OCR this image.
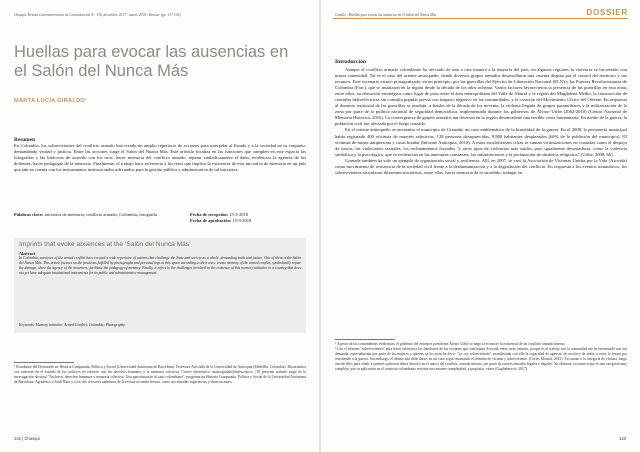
Chasqui. Revista Latinoamericana de Comunicación N.º 136, diciembre 2017 - marzo 2018 / Dossier (pp. 137-156)
Huellas para evocar las ausencias en el Salón del Nunca Más
MARTA LUCÍA GIRALDO¹
Resumen
En Colombia, los sobrevivientes del conflicto armado han creado un amplio repertorio de acciones para interpelar al Estado y a la sociedad en su conjunto, demandando verdad y justicia. Entre las acciones surge el Salón del Nunca Más. Este artículo focaliza en las funciones que cumplen en este espacio las fotografías y las bitácoras de acuerdo con los usos: hacer memoria del conflicto armado, reparar simbólicamente el daño, evidenciar la agencia de los dolientes, hacer pedagogía de la memoria. Finalmente, el trabajo hace referencia a los retos que implica la existencia de esta iniciativa de memoria en un país que aún no cuenta con los instrumentos institucionales adecuados para la gestión pública y administrativa de tal iniciativa.
Palabras clave: iniciativa de memoria; conflicto armado; Colombia; fotografía.	Fecha de recepción: 15-3-2018
Fecha de aprobación: 15-9-2018
Imprints that evoke absences at the ‘Salón del Nunca Más’
Abstract
In Colombia, survivors of the armed conflict have created a wide repertoire of actions that challenge the State and society as a whole, demanding truth and justice. One of them is the Salón del Nunca Más. This article focuses on the functions fulfilled by photographs and personal logs in this space according to their uses: create memory of the armed conflict, symbolically repair the damage, show the agency of the mourners, facilitate the pedagogy of memory. Finally, it refers to the challenges involved in the existence of this memory initiative in a country that does not yet have adequate institutional instruments for its public and administrative management.
Keywords: Memory initiative; Armed Conflict; Colombia; Photography.
¹ Estudiante del Doctorado en Historia Comparada, Política y Social (Universidad Autónoma de Barcelona). Profesora Asociada de la Universidad de Antioquia (Medellín, Colombia). Historiadora con intereses en el estudio de los archivos en relación con los derechos humanos y la memoria colectiva. Correo electrónico: marta.giraldo@udea.edu.co | El presente artículo surge de la investigación doctoral "Archivos, derechos humanos y memoria colectiva. Una aproximación al caso colombiano", programa en Historia Comparada, Política y Social de la Universidad Autónoma de Barcelona. Agradezco a Jordi Ibarz y a los dos revisores anónimos de la revista su atenta lectura, como sus atinadas sugerencias y observaciones.
142 | Chasqui
Giraldo / Huellas para evocar las ausencias en el Salón del Nunca Más	DOSSIER
Introducción

Aunque el conflicto armado colombiano ha afectado de una u otra manera a la mayoría del país, en algunos regiones la violencia se ha sentido con mayor intensidad. Tal es el caso del oriente antioqueño, donde diversos grupos armados desarrollaron una cruenta disputa por el control del territorio y sus recursos. Este escenario estuvo protagonizado, en un principio, por las guerrillas del Ejército de Liberación Nacional (ELN) y las Fuerzas Revolucionarias de Colombia (Farc), que se instalaron en la región desde la década de los años ochenta. Varios factores favorecieron la presencia de las guerrillas en esta zona, entre ellos: su ubicación estratégica como lugar de paso entre el área metropolitana del Valle de Aburrá y la región del Magdalena Medio, la construcción de centrales hidroeléctricas sin consulta popular previa con impacto negativo en las comunidades, y la creación del Movimiento Cívico del Oriente. En respuesta al dominio territorial de las guerrillas se produjo, a finales de la década de los noventa, la violenta llegada de grupos paramilitares y la militarización de la zona por parte de la política nacional de seguridad democrática, implementada durante los gobiernos de Álvaro Uribe (2002-2010) (Centro Nacional de Memoria Histórica, 2016). La convergencia de grupos armados tan diversos en la región desencadenó una terrible crisis humanitaria. En medio de la guerra, la población civil fue afectada por el fuego cruzado.

En el oriente antioqueño se encuentra el municipio de Granada, un caso emblemático de la brutalidad de la guerra. En el 2008, la personería municipal había registrado 400 víctimas de muertes selectivas, 128 personas desaparecidas, 9.800 habitantes desplazados (60% de la población del municipio), 83 víctimas de minas antipersona y casas bomba (Informe Antioquia, 2010). A estas escalofriantes cifras se suman victimizaciones no contadas como el despojo de tierras, las violaciones sexuales, los reclutamientos forzados "y otros tipos de violencias más sutiles, pero igualmente devastadoras, como la violencia simbólica y la psicológica, que se evidencian en las amenazas constantes, las intimidaciones y la profanación de símbolos religiosos" (Uribe, 2008: 66).

Granada también ha sido un ejemplo de organización social y resiliencia. Allí, en 2007, se creó la Asociación de Víctimas Unidas por la Vida (Asovida) como movimiento de resistencia de la sociedad civil frente a la deshumanización y a la degradación del conflicto. En respuesta a los eventos traumáticos, los sobrevivientes articularon diferentes iniciativas, entre ellas: hacer memoria de lo sucedido, trabajar en

¹ A pesar de los contundentes evidencias, el gobierno del entonces presidente Álvaro Uribe se negó a reconocer la existencia de un conflicto armado interno.

² Uso el término "sobrevivientes" para hacer referencia los familiares de las víctimas que conforman Asovida, entre otras razones, porque es el trabajo con la comunidad me he encontrado con esa demanda, especialmente por parte de las mujeres a quienes se les escucha decir: "yo soy sobreviviente", manifestado con ello la capacidad de agencia, de acción y de sentir a otros, lo hacen por resistiendo a la guerra. Sin embargo, el debate aún debe darse, en mi caso seguí retomando el término de víctima y sobreviviente. (Cortés Monzal, 2013). En cuanto a la categoría de víctima, luego uno de ellos para aludir a quienes sufrieron daños directos en el marco del conflicto armado interno, por parte de actores armados legales e ilegales. No obstante, reconozco que es una categoría muy compleja, que su aplicación en el contexto colombiano revisten una enorme complejidad, a propósito, véase (Guglielmucci, 2017).

143
